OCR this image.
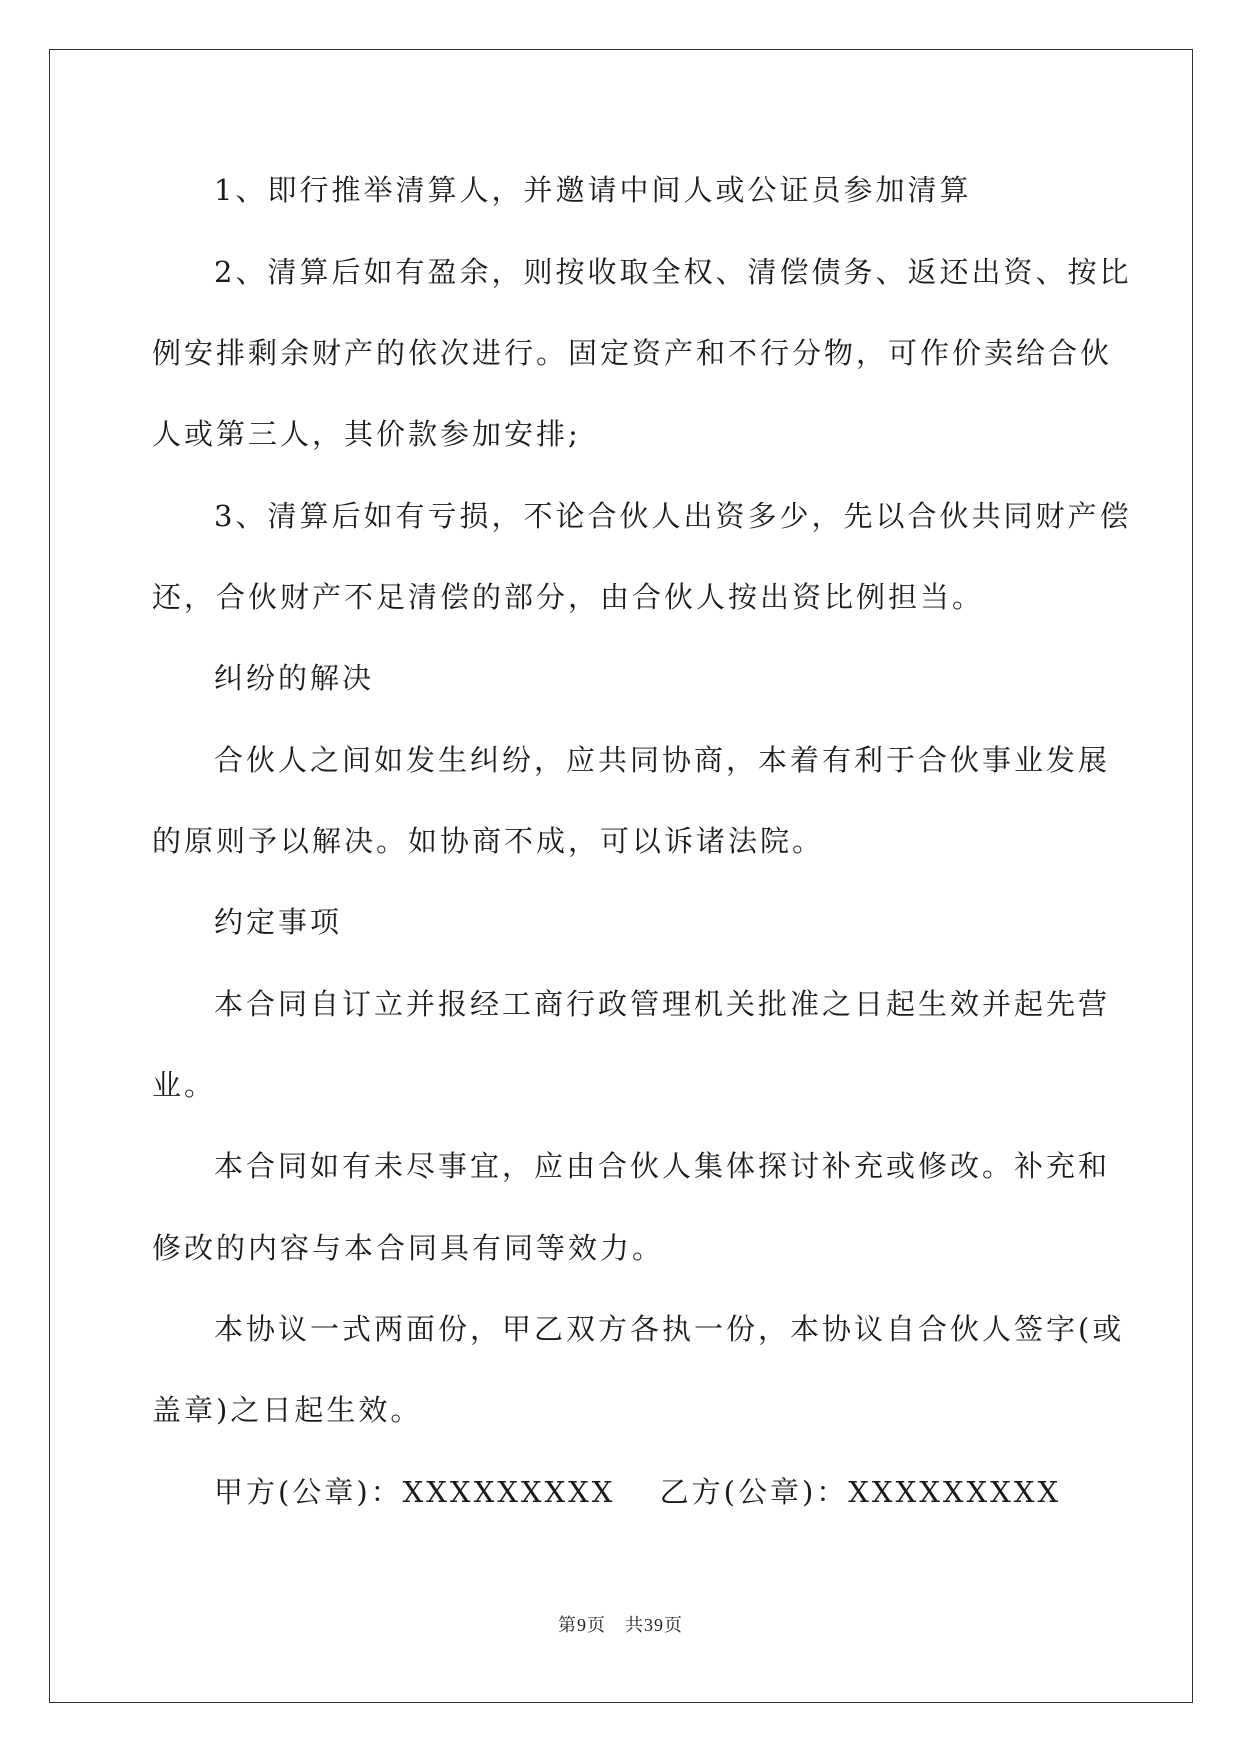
1、即行推举清算人，并邀请中间人或公证员参加清算
2、清算后如有盈余，则按收取全权、清偿债务、返还出资、按比
例安排剩余财产的依次进行。固定资产和不行分物，可作价卖给合伙
人或第三人，其价款参加安排;
3、清算后如有亏损，不论合伙人出资多少，先以合伙共同财产偿
还，合伙财产不足清偿的部分，由合伙人按出资比例担当。
纠纷的解决
合伙人之间如发生纠纷，应共同协商，本着有利于合伙事业发展
的原则予以解决。如协商不成，可以诉诸法院。
约定事项
本合同自订立并报经工商行政管理机关批准之日起生效并起先营
业。
本合同如有未尽事宜，应由合伙人集体探讨补充或修改。补充和
修改的内容与本合同具有同等效力。
本协议一式两面份，甲乙双方各执一份，本协议自合伙人签字(或
盖章)之日起生效。
甲方(公章)：XXXXXXXXX　 乙方(公章)：XXXXXXXXX
第9页　共39页
